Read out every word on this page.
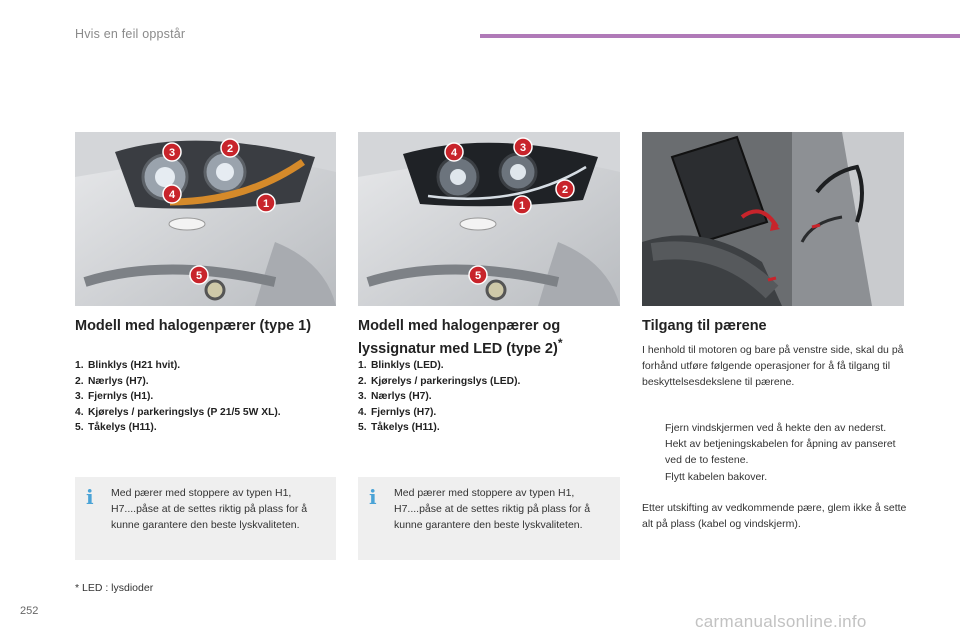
Hvis en feil oppstår
3	2
4
1
5
4	3
2
1
5
Modell med halogenpærer (type 1)	Modell med halogenpærer og
lyssignatur med LED (type 2)*
Tilgang til pærene
1. Blinklys (H21 hvit).
2. Nærlys (H7).
3. Fjernlys (H1).
4. Kjørelys / parkeringslys (P 21/5 5W XL).
5. Tåkelys (H11).
1. Blinklys (LED).
2. Kjørelys / parkeringslys (LED).
3. Nærlys (H7).
4. Fjernlys (H7).
5. Tåkelys (H11).
i Med pærer med stoppere av typen H1, H7....påse at de settes riktig på plass for å kunne garantere den beste lyskvaliteten.
i Med pærer med stoppere av typen H1, H7....påse at de settes riktig på plass for å kunne garantere den beste lyskvaliteten.
I henhold til motoren og bare på venstre side, skal du på forhånd utføre følgende operasjoner for å få tilgang til beskyttelsesdekslene til pærene.
Fjern vindskjermen ved å hekte den av nederst.
Hekt av betjeningskabelen for åpning av panseret ved de to festene.
Flytt kabelen bakover.
Etter utskifting av vedkommende pære, glem ikke å sette alt på plass (kabel og vindskjerm).
* LED : lysdioder
252
carmanualsonline.info
